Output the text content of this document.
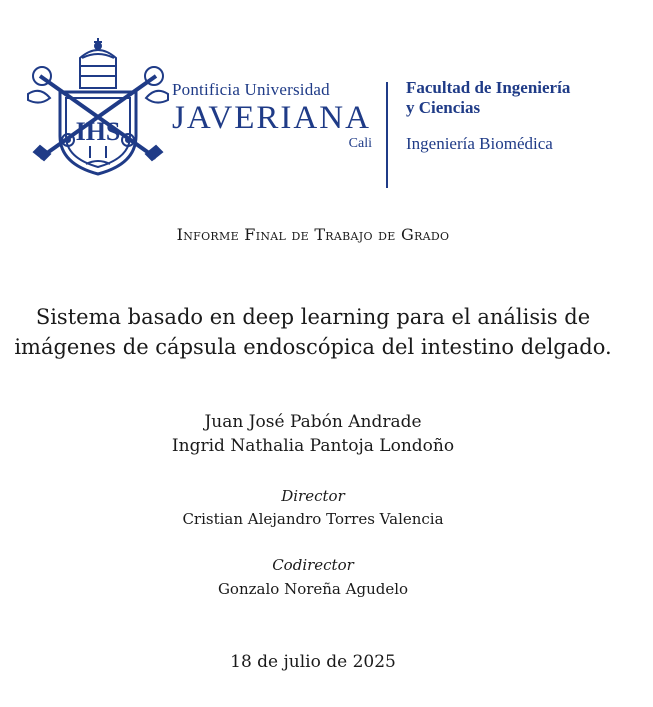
IHS
Pontificia Universidad
JAVERIANA
Cali

Facultad de Ingeniería
y Ciencias

Ingeniería Biomédica
Informe Final de Trabajo de Grado
Sistema basado en deep learning para el análisis de
imágenes de cápsula endoscópica del intestino delgado.
Juan José Pabón Andrade
Ingrid Nathalia Pantoja Londoño
Director
Cristian Alejandro Torres Valencia
Codirector
Gonzalo Noreña Agudelo
18 de julio de 2025
